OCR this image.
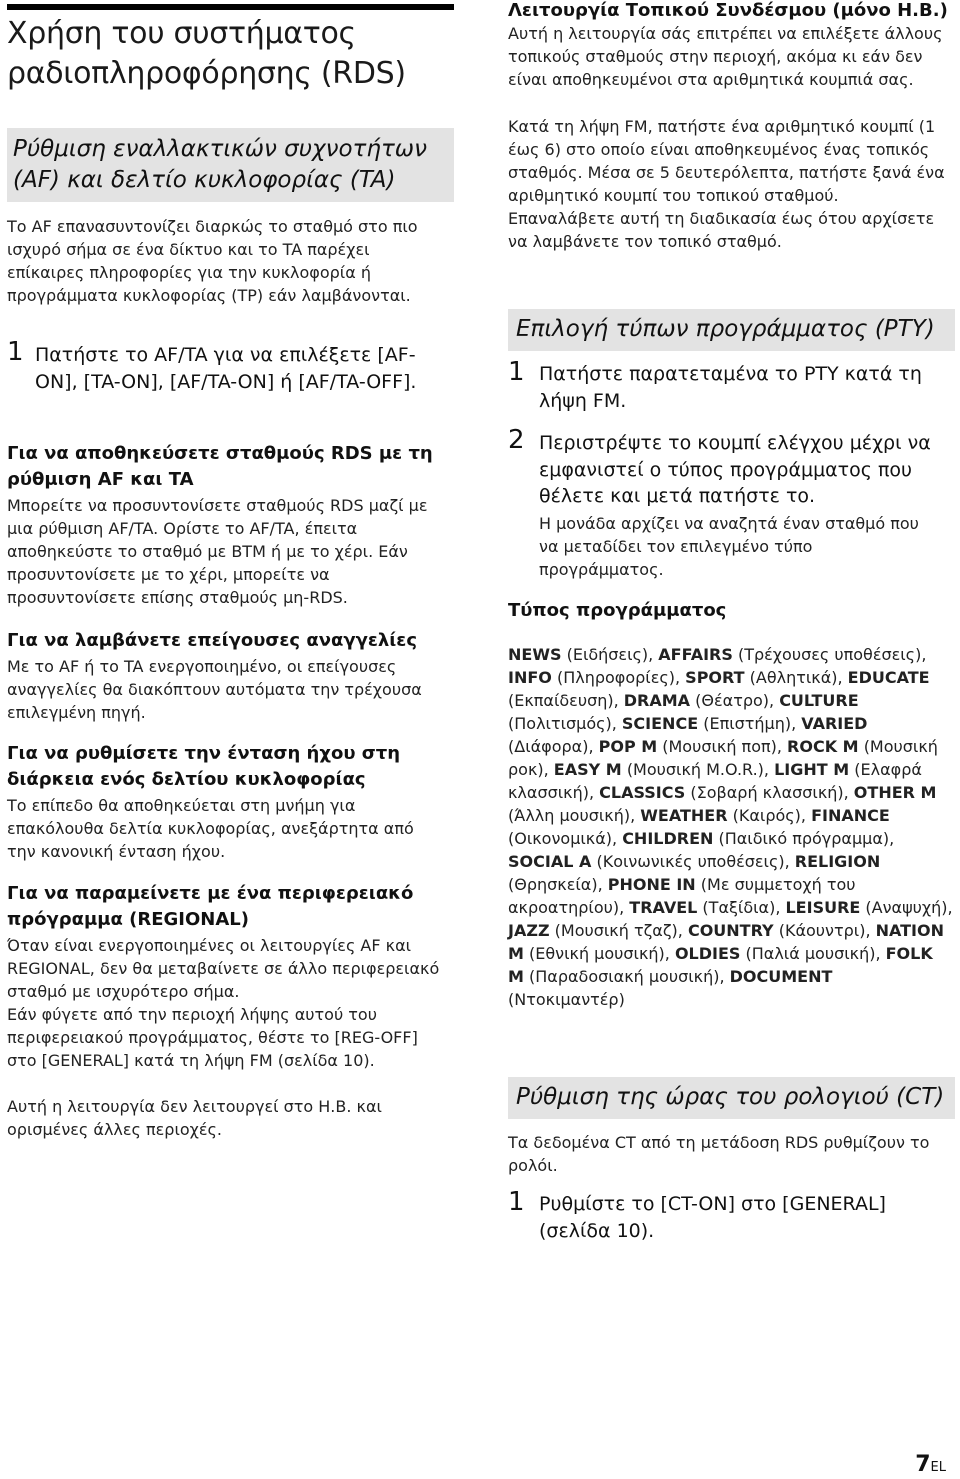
Χρήση του συστήματος ραδιοπληροφόρησης (RDS)
Ρύθμιση εναλλακτικών συχνοτήτων (AF) και δελτίο κυκλοφορίας (TA)

Το AF επανασυντονίζει διαρκώς το σταθμό στο πιο ισχυρό σήμα σε ένα δίκτυο και το TA παρέχει επίκαιρες πληροφορίες για την κυκλοφορία ή προγράμματα κυκλοφορίας (TP) εάν λαμβάνονται.

1 Πατήστε το AF/TA για να επιλέξετε [AF-ON], [TA-ON], [AF/TA-ON] ή [AF/TA-OFF].

Για να αποθηκεύσετε σταθμούς RDS με τη ρύθμιση AF και TA

Μπορείτε να προσυντονίσετε σταθμούς RDS μαζί με μια ρύθμιση AF/TA. Ορίστε το AF/TA, έπειτα αποθηκεύστε το σταθμό με BTM ή με το χέρι. Εάν προσυντονίσετε με το χέρι, μπορείτε να προσυντονίσετε επίσης σταθμούς μη-RDS.

Για να λαμβάνετε επείγουσες αναγγελίες

Με το AF ή το TA ενεργοποιημένο, οι επείγουσες αναγγελίες θα διακόπτουν αυτόματα την τρέχουσα επιλεγμένη πηγή.

Για να ρυθμίσετε την ένταση ήχου στη διάρκεια ενός δελτίου κυκλοφορίας

Το επίπεδο θα αποθηκεύεται στη μνήμη για επακόλουθα δελτία κυκλοφορίας, ανεξάρτητα από την κανονική ένταση ήχου.

Για να παραμείνετε με ένα περιφερειακό πρόγραμμα (REGIONAL)

Όταν είναι ενεργοποιημένες οι λειτουργίες AF και REGIONAL, δεν θα μεταβαίνετε σε άλλο περιφερειακό σταθμό με ισχυρότερο σήμα.

Εάν φύγετε από την περιοχή λήψης αυτού του περιφερειακού προγράμματος, θέστε το [REG-OFF] στο [GENERAL] κατά τη λήψη FM (σελίδα 10).

Αυτή η λειτουργία δεν λειτουργεί στο Η.Β. και ορισμένες άλλες περιοχές.

Λειτουργία Τοπικού Συνδέσμου (μόνο Η.Β.)

Αυτή η λειτουργία σάς επιτρέπει να επιλέξετε άλλους τοπικούς σταθμούς στην περιοχή, ακόμα κι εάν δεν είναι αποθηκευμένοι στα αριθμητικά κουμπιά σας.

Κατά τη λήψη FM, πατήστε ένα αριθμητικό κουμπί (1 έως 6) στο οποίο είναι αποθηκευμένος ένας τοπικός σταθμός. Μέσα σε 5 δευτερόλεπτα, πατήστε ξανά ένα αριθμητικό κουμπί του τοπικού σταθμού. Επαναλάβετε αυτή τη διαδικασία έως ότου αρχίσετε να λαμβάνετε τον τοπικό σταθμό.

Επιλογή τύπων προγράμματος (PTY)
1 Πατήστε παρατεταμένα το PTY κατά τη λήψη FM.

2 Περιστρέψτε το κουμπί ελέγχου μέχρι να εμφανιστεί ο τύπος προγράμματος που θέλετε και μετά πατήστε το.

Η μονάδα αρχίζει να αναζητά έναν σταθμό που να μεταδίδει τον επιλεγμένο τύπο προγράμματος.

Τύπος προγράμματος

NEWS (Ειδήσεις), AFFAIRS (Τρέχουσες υποθέσεις), INFO (Πληροφορίες), SPORT (Αθλητικά), EDUCATE (Εκπαίδευση), DRAMA (Θέατρο), CULTURE (Πολιτισμός), SCIENCE (Επιστήμη), VARIED (Διάφορα), POP M (Μουσική ποπ), ROCK M (Μουσική ροκ), EASY M (Μουσική M.O.R.), LIGHT M (Ελαφρά κλασσική), CLASSICS (Σοβαρή κλασσική), OTHER M (Άλλη μουσική), WEATHER (Καιρός), FINANCE (Οικονομικά), CHILDREN (Παιδικό πρόγραμμα), SOCIAL A (Κοινωνικές υποθέσεις), RELIGION (Θρησκεία), PHONE IN (Με συμμετοχή του ακροατηρίου), TRAVEL (Ταξίδια), LEISURE (Αναψυχή), JAZZ (Μουσική τζαζ), COUNTRY (Κάουντρι), NATION M (Εθνική μουσική), OLDIES (Παλιά μουσική), FOLK M (Παραδοσιακή μουσική), DOCUMENT (Ντοκιμαντέρ)

Ρύθμιση της ώρας του ρολογιού (CT)

Τα δεδομένα CT από τη μετάδοση RDS ρυθμίζουν το ρολόι.

1 Ρυθμίστε το [CT-ON] στο [GENERAL] (σελίδα 10).

7EL
